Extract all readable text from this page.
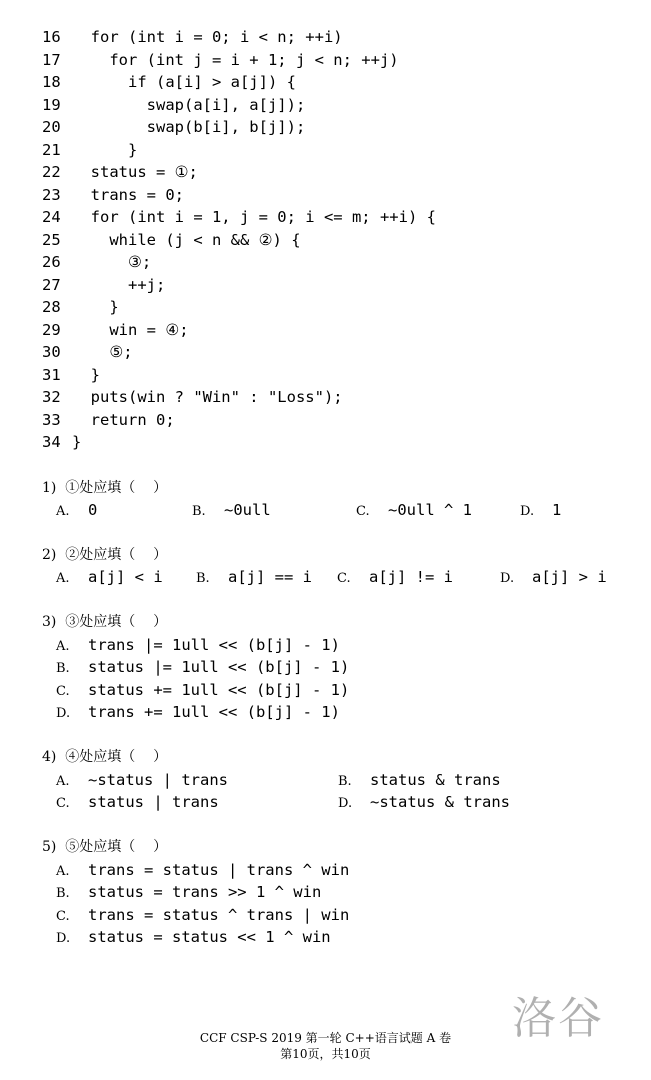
16  for (int i = 0; i < n; ++i)
17    for (int j = i + 1; j < n; ++j)
18      if (a[i] > a[j]) {
19        swap(a[i], a[j]);
20        swap(b[i], b[j]);
21      }
22  status = ①;
23  trans = 0;
24  for (int i = 1, j = 0; i <= m; ++i) {
25    while (j < n && ②) {
26      ③;
27      ++j;
28    }
29    win = ④;
30    ⑤;
31  }
32  puts(win ? "Win" : "Loss");
33  return 0;
34 }
1)  ①处应填（    ）
A. 0	B. ~0ull	C. ~0ull ^ 1	D. 1
2)  ②处应填（    ）
A. a[j] < i	B. a[j] == i C. a[j] != i	D. a[j] > i
3)  ③处应填（    ）
A. trans |= 1ull << (b[j] - 1)
B. status |= 1ull << (b[j] - 1)
C. status += 1ull << (b[j] - 1)
D. trans += 1ull << (b[j] - 1)
4)  ④处应填（    ）
A. ~status | trans	B. status & trans
C. status | trans	D. ~status & trans
5)  ⑤处应填（    ）
A. trans = status | trans ^ win
B. status = trans >> 1 ^ win
C. trans = status ^ trans | win
D. status = status << 1 ^ win
洛谷
CCF CSP-S 2019 第一轮 C++语言试题 A 卷
第10页，共10页
